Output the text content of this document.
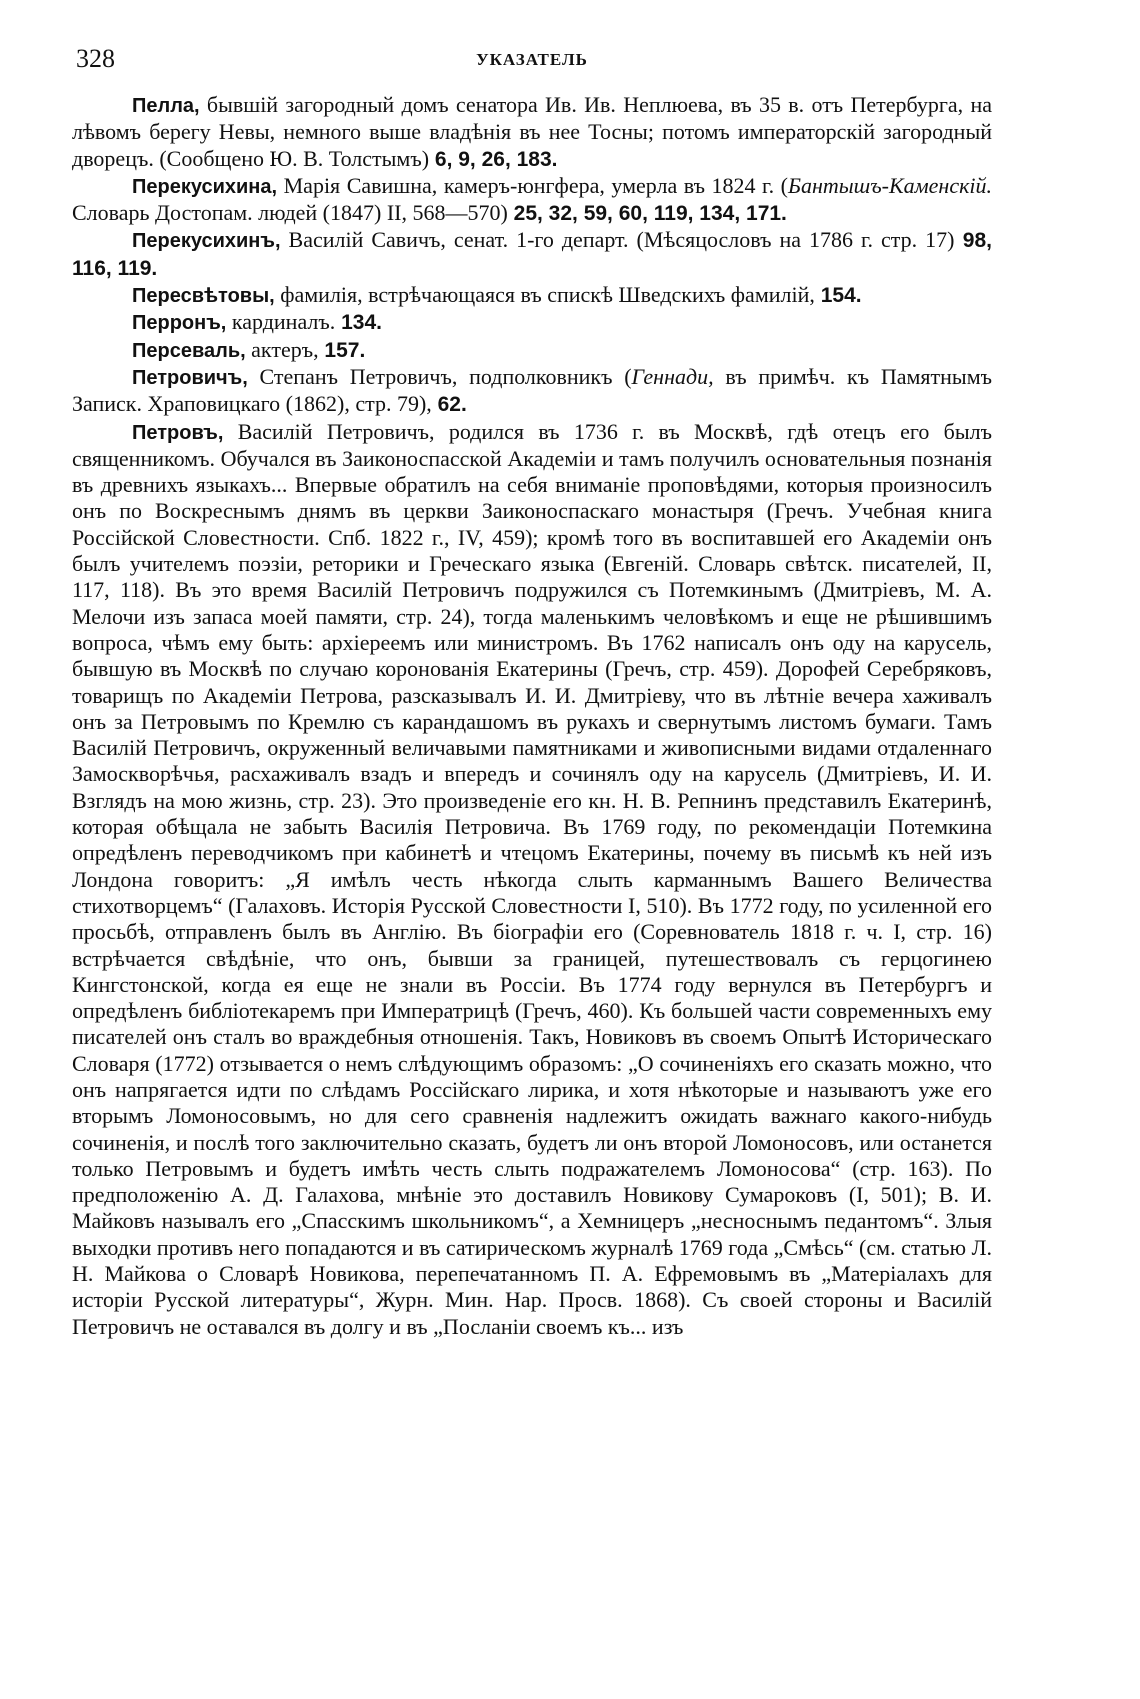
328	УКАЗАТЕЛЬ

Пелла, бывшій загородный домъ сенатора Ив. Ив. Неплюева, въ 35 в. отъ Петербурга, на лѣвомъ берегу Невы, немного выше владѣнія въ нее Тосны; потомъ императорскій загородный дворецъ. (Сообщено Ю. В. Толстымъ) 6, 9, 26, 183.

Перекусихина, Марія Савишна, камеръ-юнгфера, умерла въ 1824 г. (Бантышъ-Каменскій. Словарь Достопам. людей (1847) II, 568—570) 25, 32, 59, 60, 119, 134, 171.

Перекусихинъ, Василій Савичъ, сенат. 1-го департ. (Мѣсяцословъ на 1786 г. стр. 17) 98, 116, 119.

Пересвѣтовы, фамилія, встрѣчающаяся въ спискѣ Шведскихъ фамилій, 154.

Перронъ, кардиналъ. 134.

Персеваль, актеръ, 157.

Петровичъ, Степанъ Петровичъ, подполковникъ (Геннади, въ примѣч. къ Памятнымъ Записк. Храповицкаго (1862), стр. 79), 62.

Петровъ, Василій Петровичъ, родился въ 1736 г. въ Москвѣ, гдѣ отецъ его былъ священникомъ. Обучался въ Заиконоспасской Академіи и тамъ получилъ основательныя познанія въ древнихъ языкахъ... Впервые обратилъ на себя вниманіе проповѣдями, которыя произносилъ онъ по Воскреснымъ днямъ въ церкви Заиконоспаскаго монастыря (Гречъ. Учебная книга Россійской Словестности. Спб. 1822 г., IV, 459); кромѣ того въ воспитавшей его Академіи онъ былъ учителемъ поэзіи, реторики и Греческаго языка (Евгеній. Словарь свѣтск. писателей, II, 117, 118). Въ это время Василій Петровичъ подружился съ Потемкинымъ (Дмитріевъ, М. А. Мелочи изъ запаса моей памяти, стр. 24), тогда маленькимъ человѣкомъ и еще не рѣшившимъ вопроса, чѣмъ ему быть: архіереемъ или министромъ. Въ 1762 написалъ онъ оду на карусель, бывшую въ Москвѣ по случаю коронованія Екатерины (Гречъ, стр. 459). Дорофей Серебряковъ, товарищъ по Академіи Петрова, разсказывалъ И. И. Дмитріеву, что въ лѣтніе вечера хаживалъ онъ за Петровымъ по Кремлю съ карандашомъ въ рукахъ и свернутымъ листомъ бумаги. Тамъ Василій Петровичъ, окруженный величавыми памятниками и живописными видами отдаленнаго Замоскворѣчья, расхаживалъ взадъ и впередъ и сочинялъ оду на карусель (Дмитріевъ, И. И. Взглядъ на мою жизнь, стр. 23). Это произведеніе его кн. Н. В. Репнинъ представилъ Екатеринѣ, которая обѣщала не забыть Василія Петровича. Въ 1769 году, по рекомендаціи Потемкина опредѣленъ переводчикомъ при кабинетѣ и чтецомъ Екатерины, почему въ письмѣ къ ней изъ Лондона говоритъ: „Я имѣлъ честь нѣкогда слыть карманнымъ Вашего Величества стихотворцемъ“ (Галаховъ. Исторія Русской Словестности I, 510). Въ 1772 году, по усиленной его просьбѣ, отправленъ былъ въ Англію. Въ біографіи его (Соревнователь 1818 г. ч. I, стр. 16) встрѣчается свѣдѣніе, что онъ, бывши за границей, путешествовалъ съ герцогинею Кингстонской, когда ея еще не знали въ Россіи. Въ 1774 году вернулся въ Петербургъ и опредѣленъ библіотекаремъ при Императрицѣ (Гречъ, 460). Къ большей части современныхъ ему писателей онъ сталъ во враждебныя отношенія. Такъ, Новиковъ въ своемъ Опытѣ Историческаго Словаря (1772) отзывается о немъ слѣдующимъ образомъ: „О сочиненіяхъ его сказать можно, что онъ напрягается идти по слѣдамъ Россійскаго лирика, и хотя нѣкоторые и называютъ уже его вторымъ Ломоносовымъ, но для сего сравненія надлежитъ ожидать важнаго какого-нибудь сочиненія, и послѣ того заключительно сказать, будетъ ли онъ второй Ломоносовъ, или останется только Петровымъ и будетъ имѣть честь слыть подражателемъ Ломоносова“ (стр. 163). По предположенію А. Д. Галахова, мнѣніе это доставилъ Новикову Сумароковъ (I, 501); В. И. Майковъ называлъ его „Спасскимъ школьникомъ“, а Хемницеръ „несноснымъ педантомъ“. Злыя выходки противъ него попадаются и въ сатирическомъ журналѣ 1769 года „Смѣсь“ (см. статью Л. Н. Майкова о Словарѣ Новикова, перепечатанномъ П. А. Ефремовымъ въ „Матеріалахъ для исторіи Русской литературы“, Журн. Мин. Нар. Просв. 1868). Съ своей стороны и Василій Петровичъ не оставался въ долгу и въ „Посланіи своемъ къ... изъ
